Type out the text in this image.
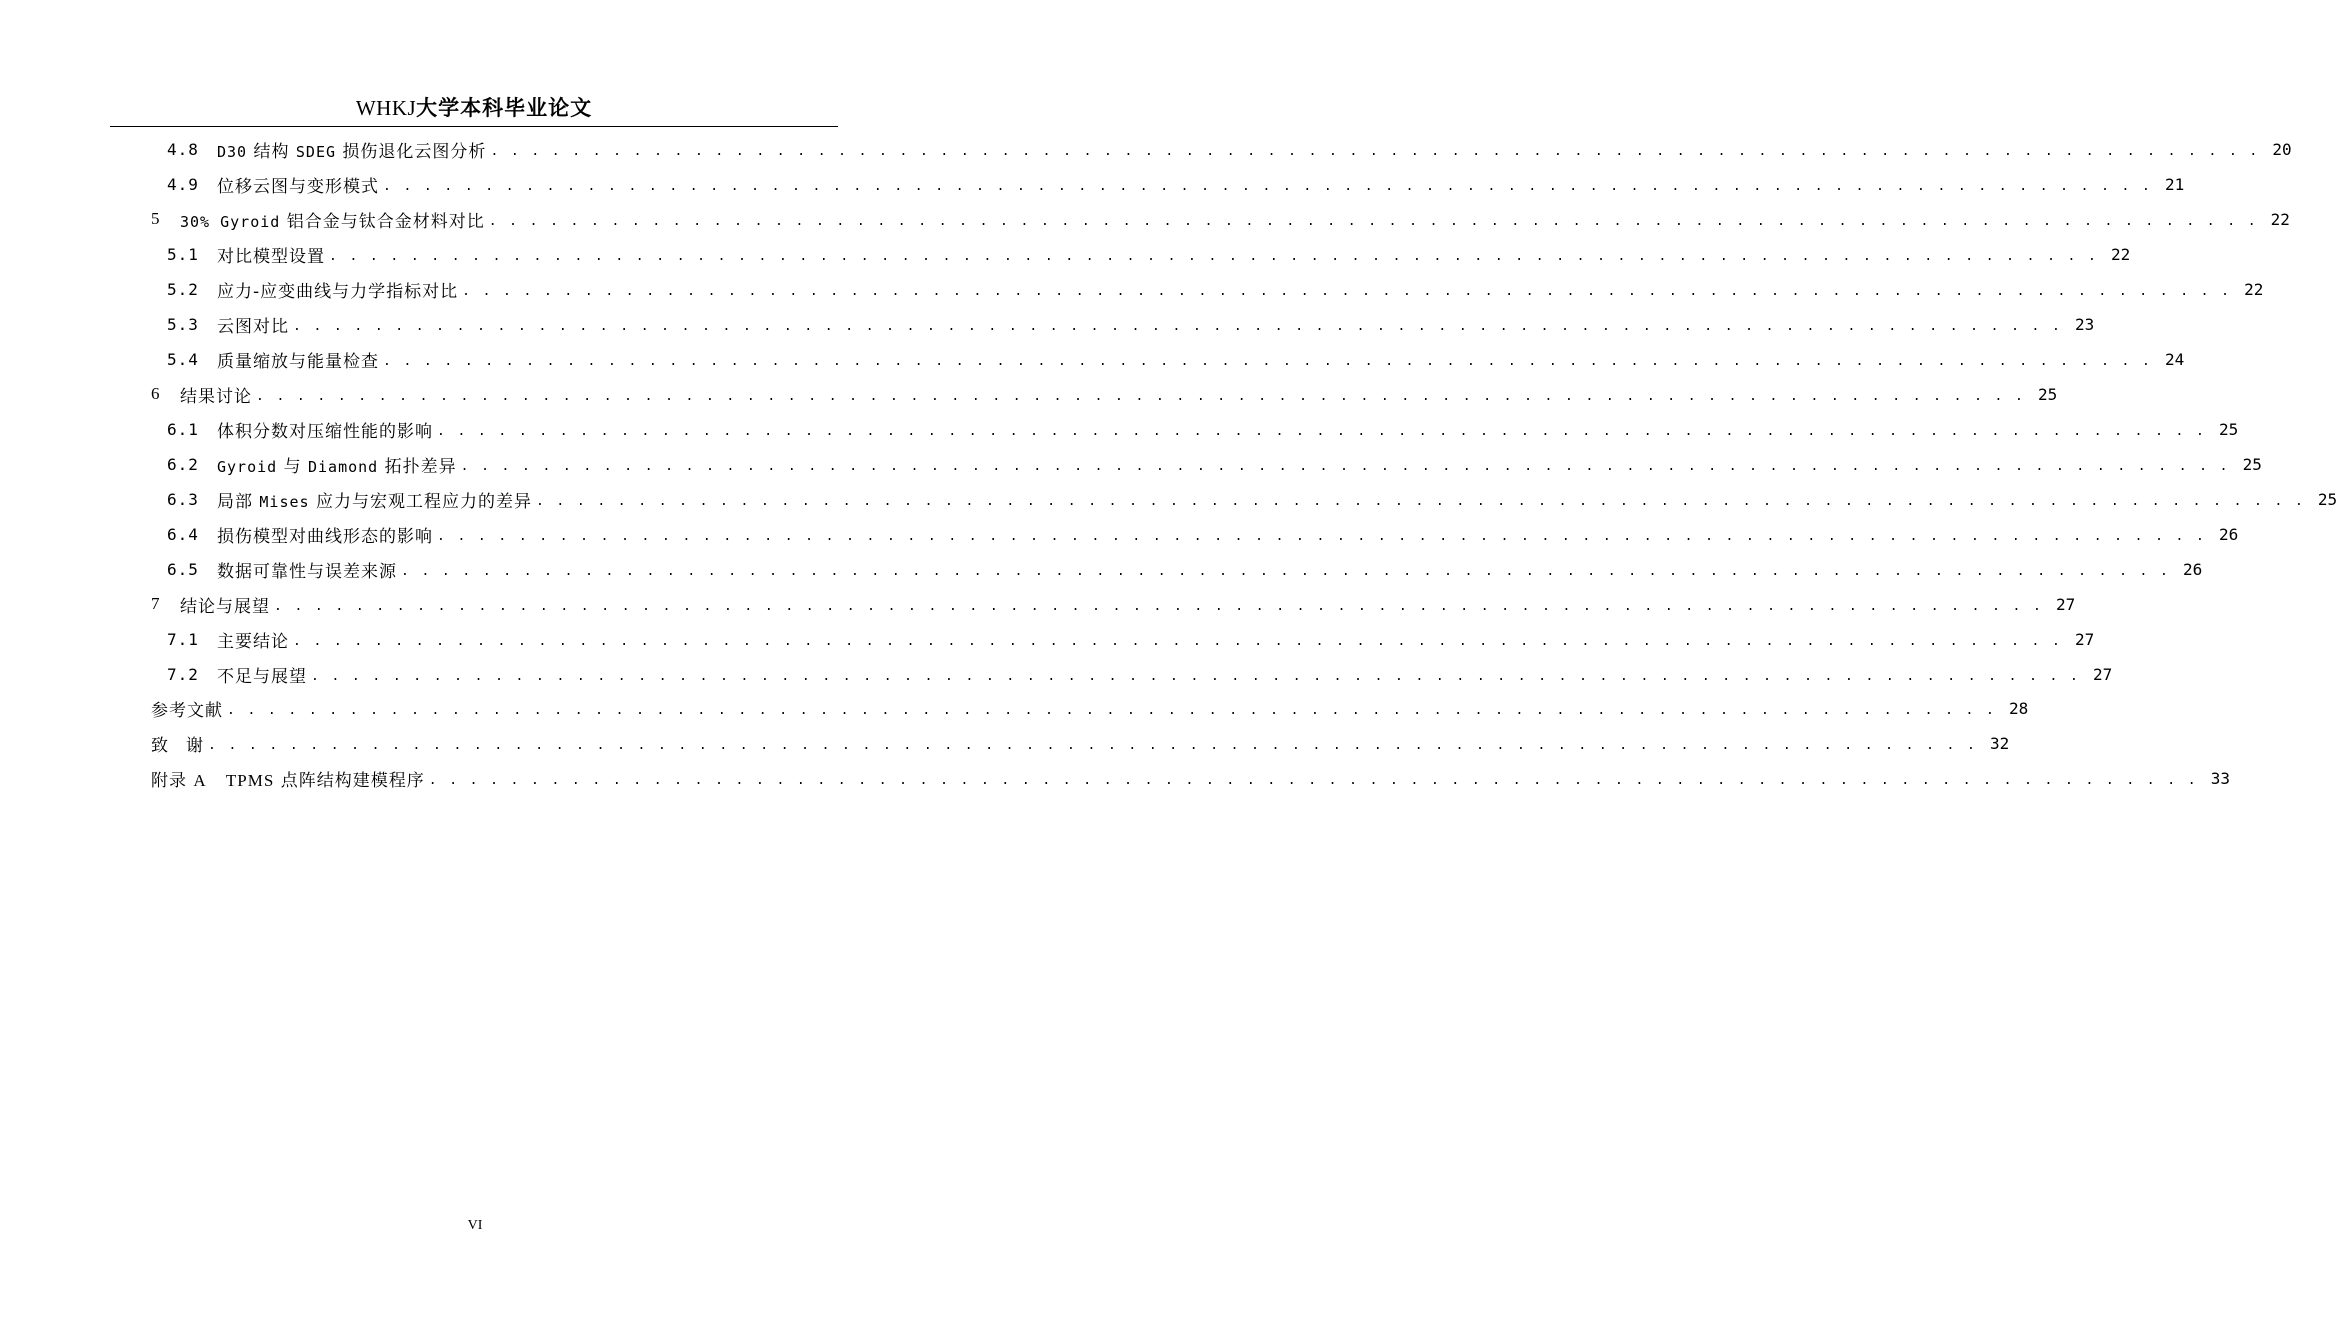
WHKJ大学本科毕业论文
4.8	D30 结构 SDEG 损伤退化云图分析 . . . . . . . . . . . . . . . . . . . . . . . . . . . . . . . . . . . . . . . . . . . . . . . . . . . . . . . . . . . . . . . . . . . . . . . . . . . . . . . . . . . . . . . 20
4.9	位移云图与变形模式 . . . . . . . . . . . . . . . . . . . . . . . . . . . . . . . . . . . . . . . . . . . . . . . . . . . . . . . . . . . . . . . . . . . . . . . . . . . . . . . . . . . . . . . 21
5	30% Gyroid 铝合金与钛合金材料对比 . . . . . . . . . . . . . . . . . . . . . . . . . . . . . . . . . . . . . . . . . . . . . . . . . . . . . . . . . . . . . . . . . . . . . . . . . . . . . . . . . . . . . . . 22
5.1	对比模型设置 . . . . . . . . . . . . . . . . . . . . . . . . . . . . . . . . . . . . . . . . . . . . . . . . . . . . . . . . . . . . . . . . . . . . . . . . . . . . . . . . . . . . . . . 22
5.2	应力-应变曲线与力学指标对比 . . . . . . . . . . . . . . . . . . . . . . . . . . . . . . . . . . . . . . . . . . . . . . . . . . . . . . . . . . . . . . . . . . . . . . . . . . . . . . . . . . . . . . . 22
5.3	云图对比 . . . . . . . . . . . . . . . . . . . . . . . . . . . . . . . . . . . . . . . . . . . . . . . . . . . . . . . . . . . . . . . . . . . . . . . . . . . . . . . . . . . . . . . 23
5.4	质量缩放与能量检查 . . . . . . . . . . . . . . . . . . . . . . . . . . . . . . . . . . . . . . . . . . . . . . . . . . . . . . . . . . . . . . . . . . . . . . . . . . . . . . . . . . . . . . . 24
6	结果讨论 . . . . . . . . . . . . . . . . . . . . . . . . . . . . . . . . . . . . . . . . . . . . . . . . . . . . . . . . . . . . . . . . . . . . . . . . . . . . . . . . . . . . . . . 25
6.1	体积分数对压缩性能的影响 . . . . . . . . . . . . . . . . . . . . . . . . . . . . . . . . . . . . . . . . . . . . . . . . . . . . . . . . . . . . . . . . . . . . . . . . . . . . . . . . . . . . . . . 25
6.2	Gyroid 与 Diamond 拓扑差异 . . . . . . . . . . . . . . . . . . . . . . . . . . . . . . . . . . . . . . . . . . . . . . . . . . . . . . . . . . . . . . . . . . . . . . . . . . . . . . . . . . . . . . . 25
6.3	局部 Mises 应力与宏观工程应力的差异 . . . . . . . . . . . . . . . . . . . . . . . . . . . . . . . . . . . . . . . . . . . . . . . . . . . . . . . . . . . . . . . . . . . . . . . . . . . . . . . . . . . . . . . 25
6.4	损伤模型对曲线形态的影响 . . . . . . . . . . . . . . . . . . . . . . . . . . . . . . . . . . . . . . . . . . . . . . . . . . . . . . . . . . . . . . . . . . . . . . . . . . . . . . . . . . . . . . . 26
6.5	数据可靠性与误差来源 . . . . . . . . . . . . . . . . . . . . . . . . . . . . . . . . . . . . . . . . . . . . . . . . . . . . . . . . . . . . . . . . . . . . . . . . . . . . . . . . . . . . . . . 26
7	结论与展望 . . . . . . . . . . . . . . . . . . . . . . . . . . . . . . . . . . . . . . . . . . . . . . . . . . . . . . . . . . . . . . . . . . . . . . . . . . . . . . . . . . . . . . . 27
7.1	主要结论 . . . . . . . . . . . . . . . . . . . . . . . . . . . . . . . . . . . . . . . . . . . . . . . . . . . . . . . . . . . . . . . . . . . . . . . . . . . . . . . . . . . . . . . 27
7.2	不足与展望 . . . . . . . . . . . . . . . . . . . . . . . . . . . . . . . . . . . . . . . . . . . . . . . . . . . . . . . . . . . . . . . . . . . . . . . . . . . . . . . . . . . . . . . 27
参考文献 . . . . . . . . . . . . . . . . . . . . . . . . . . . . . . . . . . . . . . . . . . . . . . . . . . . . . . . . . . . . . . . . . . . . . . . . . . . . . . . . . . . . . . . 28
致谢 . . . . . . . . . . . . . . . . . . . . . . . . . . . . . . . . . . . . . . . . . . . . . . . . . . . . . . . . . . . . . . . . . . . . . . . . . . . . . . . . . . . . . . . 32
附录 A TPMS 点阵结构建模程序 . . . . . . . . . . . . . . . . . . . . . . . . . . . . . . . . . . . . . . . . . . . . . . . . . . . . . . . . . . . . . . . . . . . . . . . . . . . . . . . . . . . . . . . 33
VI
